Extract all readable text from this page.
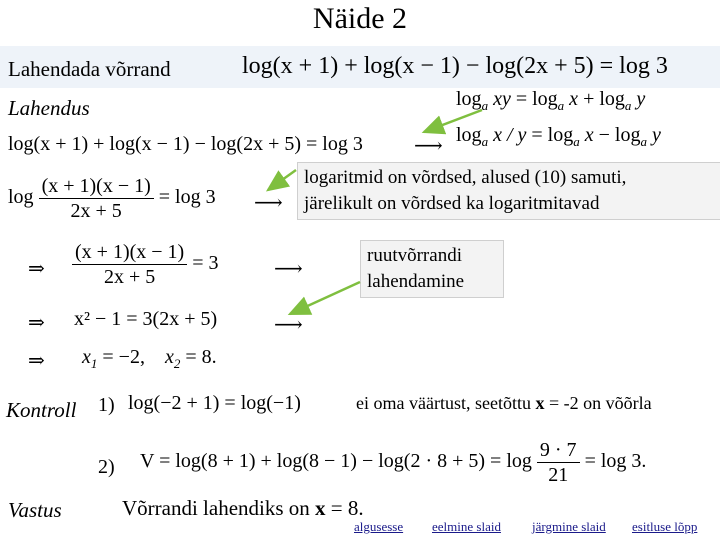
Näide 2
Lahendada võrrand	log(x + 1) + log(x − 1) − log(2x + 5) = log 3
Lahendus	$\log_a$ xy = $\log_a x + \log_a y$
$\log_a x / y = \log_a x - \log_a y$
log(x + 1) + log(x − 1) − log(2x + 5) = log 3	⟶
$\log \frac{(x + 1)(x - 1)}{2x + 5} = \log 3$ ⟶
logaritmid on võrdsed, alused (10) samuti,
järelikult on võrdsed ka logaritmitavad
⇒ $\frac{(x + 1)(x - 1)}{2x + 5} = 3$	⟶
ruutvõrrandi
lahendamine
⇒ x² − 1 = 3(2x + 5)	⟶
⇒ $x_1 = -2$, $x_2 = 8$.
Kontroll 1) log(−2 + 1) = log(−1)	ei oma väärtust, seetõttu x = -2 on võõrla
2) $V = \log(8 + 1) + \log(8 - 1) - \log(2 \cdot 8 + 5) = \log \frac{9 \cdot 7}{21} = \log 3$.
Vastus	Võrrandi lahendiks on x = 8.
algusesse eelmine slaid järgmine slaid esitluse lõpp
